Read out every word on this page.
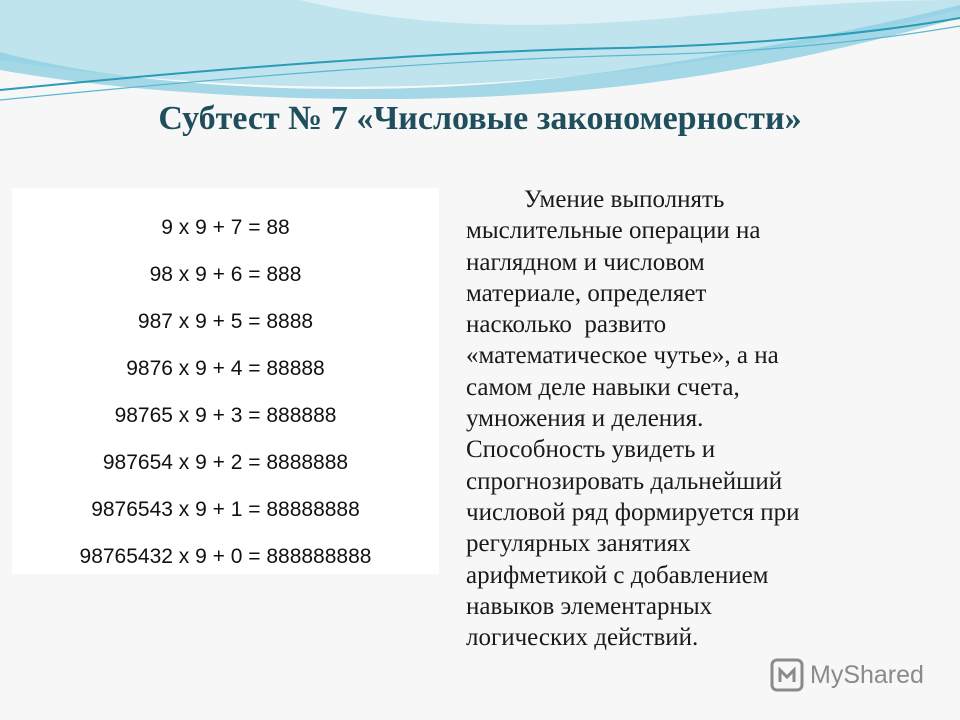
Субтест № 7 «Числовые закономерности»
9 x 9 + 7 = 88
98 x 9 + 6 = 888
987 x 9 + 5 = 8888
9876 x 9 + 4 = 88888
98765 x 9 + 3 = 888888
987654 x 9 + 2 = 8888888
9876543 x 9 + 1 = 88888888
98765432 x 9 + 0 = 888888888

Умение выполнять
мыслительные операции на
наглядном и числовом
материале, определяет
насколько  развито
«математическое чутье», а на
самом деле навыки счета,
умножения и деления.
Способность увидеть и
спрогнозировать дальнейший
числовой ряд формируется при
регулярных занятиях
арифметикой с добавлением
навыков элементарных
логических действий.

MyShared
